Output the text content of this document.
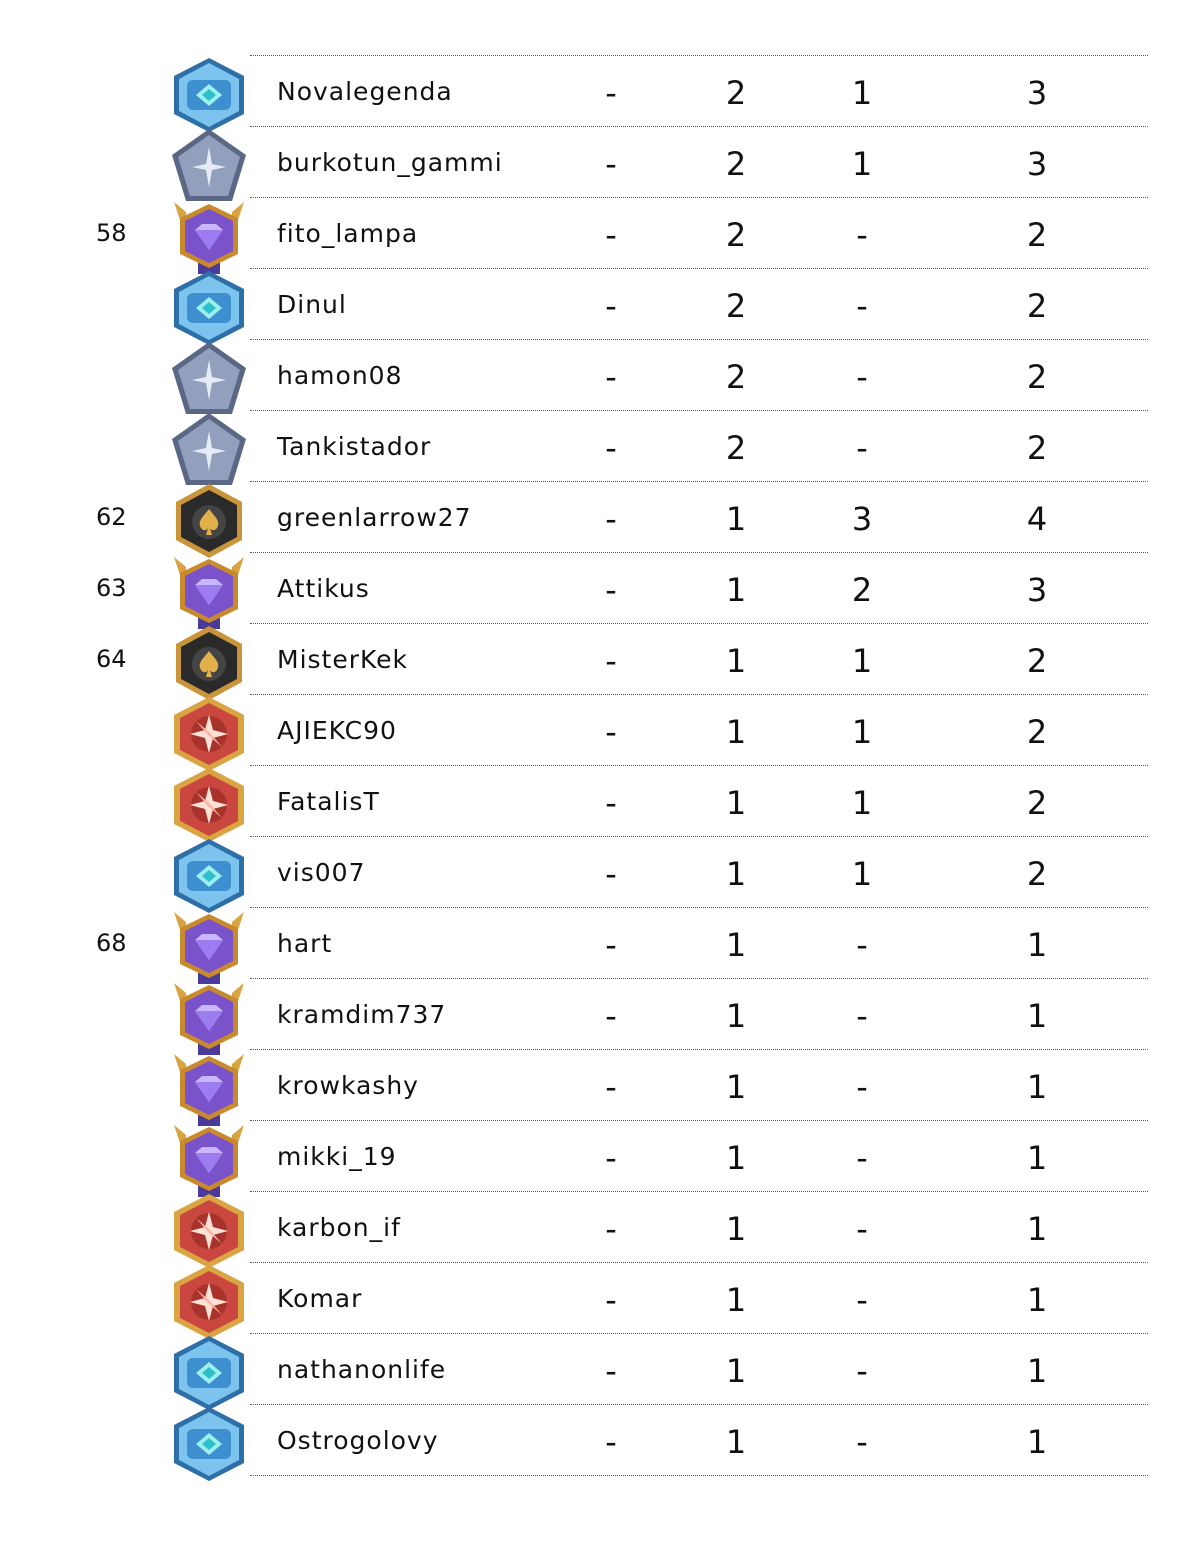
Novalegenda	-	2	1	3
burkotun_gammi	-	2	1	3
58	fito_lampa	-	2	-	2
Dinul	-	2	-	2
hamon08	-	2	-	2
Tankistador	-	2	-	2
62	greenlarrow27	-	1	3	4
63	Attikus	-	1	2	3
64	MisterKek	-	1	1	2
AJIEKC90	-	1	1	2
FatalisT	-	1	1	2
vis007	-	1	1	2
68	hart	-	1	-	1
kramdim737	-	1	-	1
krowkashy	-	1	-	1
mikki_19	-	1	-	1
karbon_if	-	1	-	1
Komar	-	1	-	1
nathanonlife	-	1	-	1
Ostrogolovy	-	1	-	1
